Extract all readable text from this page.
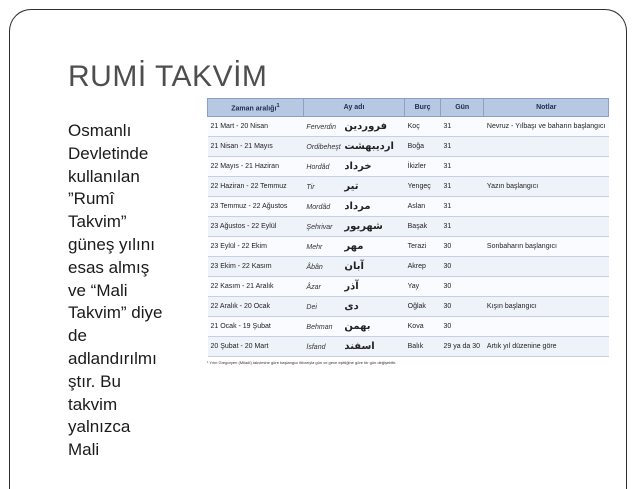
RUMİ TAKVİM
Osmanlı
Devletinde
kullanılan
”Rumî
Takvim”
güneş yılını
esas almış
ve “Mali
Takvim” diye
de
adlandırılmı
ştır. Bu
takvim
yalnızca
Mali
Zaman aralığı$^1$	Ay adı	Burç	Gün	Notlar
21 Mart - 20 Nisan	Ferverdin فروردین	Koç	31	Nevruz - Yılbaşı ve baharın başlangıcı
21 Nisan - 21 Mayıs	Ordibeheşt اردیبهشت	Boğa	31	
22 Mayıs - 21 Haziran	Hordâd خرداد	İkizler	31	
22 Haziran - 22 Temmuz	Tir تیر	Yengeç	31	Yazın başlangıcı
23 Temmuz - 22 Ağustos	Mordâd مرداد	Aslan	31	
23 Ağustos - 22 Eylül	Şehrivar شهریور	Başak	31	
23 Eylül - 22 Ekim	Mehr مهر	Terazi	30	Sonbaharın başlangıcı
23 Ekim - 22 Kasım	Âbân آبان	Akrep	30	
22 Kasım - 21 Aralık	Âzar آذر	Yay	30	
22 Aralık - 20 Ocak	Dei دی	Oğlak	30	Kışın başlangıcı
21 Ocak - 19 Şubat	Behman بهمن	Kova	30	
20 Şubat - 20 Mart	İsfand اسفند	Balık	29 ya da 30	Artık yıl düzenine göre
¹ Yılın Gregoryen (Miladî) takvimine göre başlangıcı itibarıyla gün ve gece eşitliğine göre bir gün değişebilir.
